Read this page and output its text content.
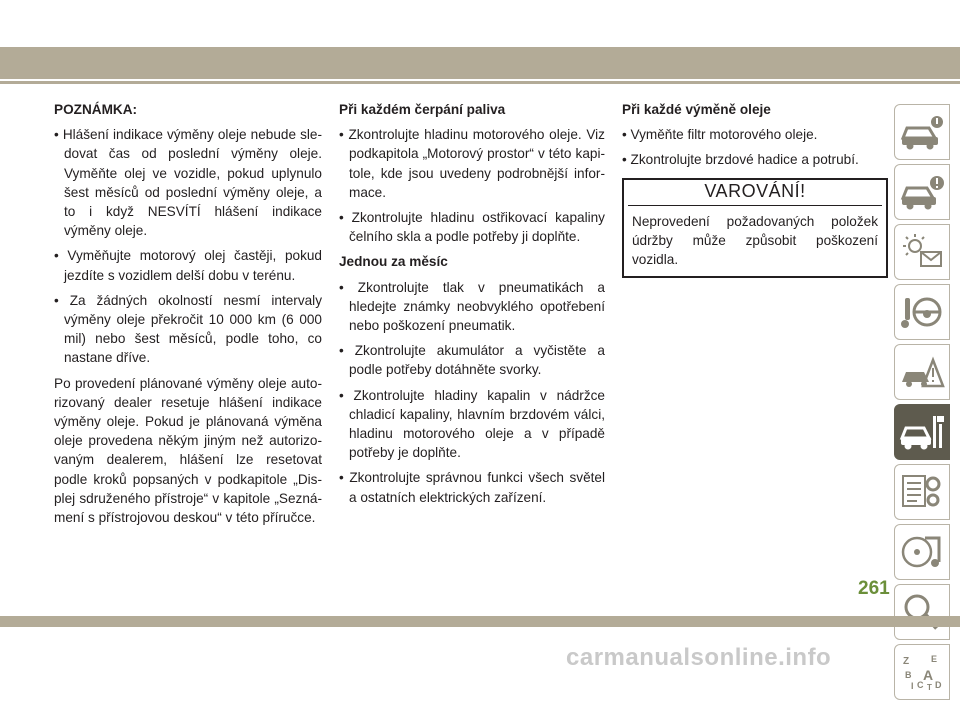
POZNÁMKA:
• Hlášení indikace výměny oleje nebude sledovat čas od poslední výměny oleje. Vyměňte olej ve vozidle, pokud uplynulo šest měsíců od poslední výměny oleje, a to i když NESVÍTÍ hlášení indikace výměny oleje.
• Vyměňujte motorový olej častěji, pokud jezdíte s vozidlem delší dobu v terénu.
• Za žádných okolností nesmí intervaly výměny oleje překročit 10 000 km (6 000 mil) nebo šest měsíců, podle toho, co nastane dříve.

Po provedení plánované výměny oleje autorizovaný dealer resetuje hlášení indikace výměny oleje. Pokud je plánovaná výměna oleje provedena někým jiným než autorizovaným dealerem, hlášení lze resetovat podle kroků popsaných v podkapitole „Displej sdruženého přístroje“ v kapitole „Seznámení s přístrojovou deskou“ v této příručce.

Při každém čerpání paliva
• Zkontrolujte hladinu motorového oleje. Viz podkapitola „Motorový prostor“ v této kapitole, kde jsou uvedeny podrobnější informace.
• Zkontrolujte hladinu ostřikovací kapaliny čelního skla a podle potřeby ji doplňte.
Jednou za měsíc
• Zkontrolujte tlak v pneumatikách a hledejte známky neobvyklého opotřebení nebo poškození pneumatik.
• Zkontrolujte akumulátor a vyčistěte a podle potřeby dotáhněte svorky.
• Zkontrolujte hladiny kapalin v nádržce chladicí kapaliny, hlavním brzdovém válci, hladinu motorového oleje a v případě potřeby je doplňte.
• Zkontrolujte správnou funkci všech světel a ostatních elektrických zařízení.
Při každé výměně oleje
• Vyměňte filtr motorového oleje.
• Zkontrolujte brzdové hadice a potrubí.
VAROVÁNÍ!
Neprovedení požadovaných položek údržby může způsobit poškození vozidla.
Z E
B A
I C D
T
261
carmanualsonline.info
